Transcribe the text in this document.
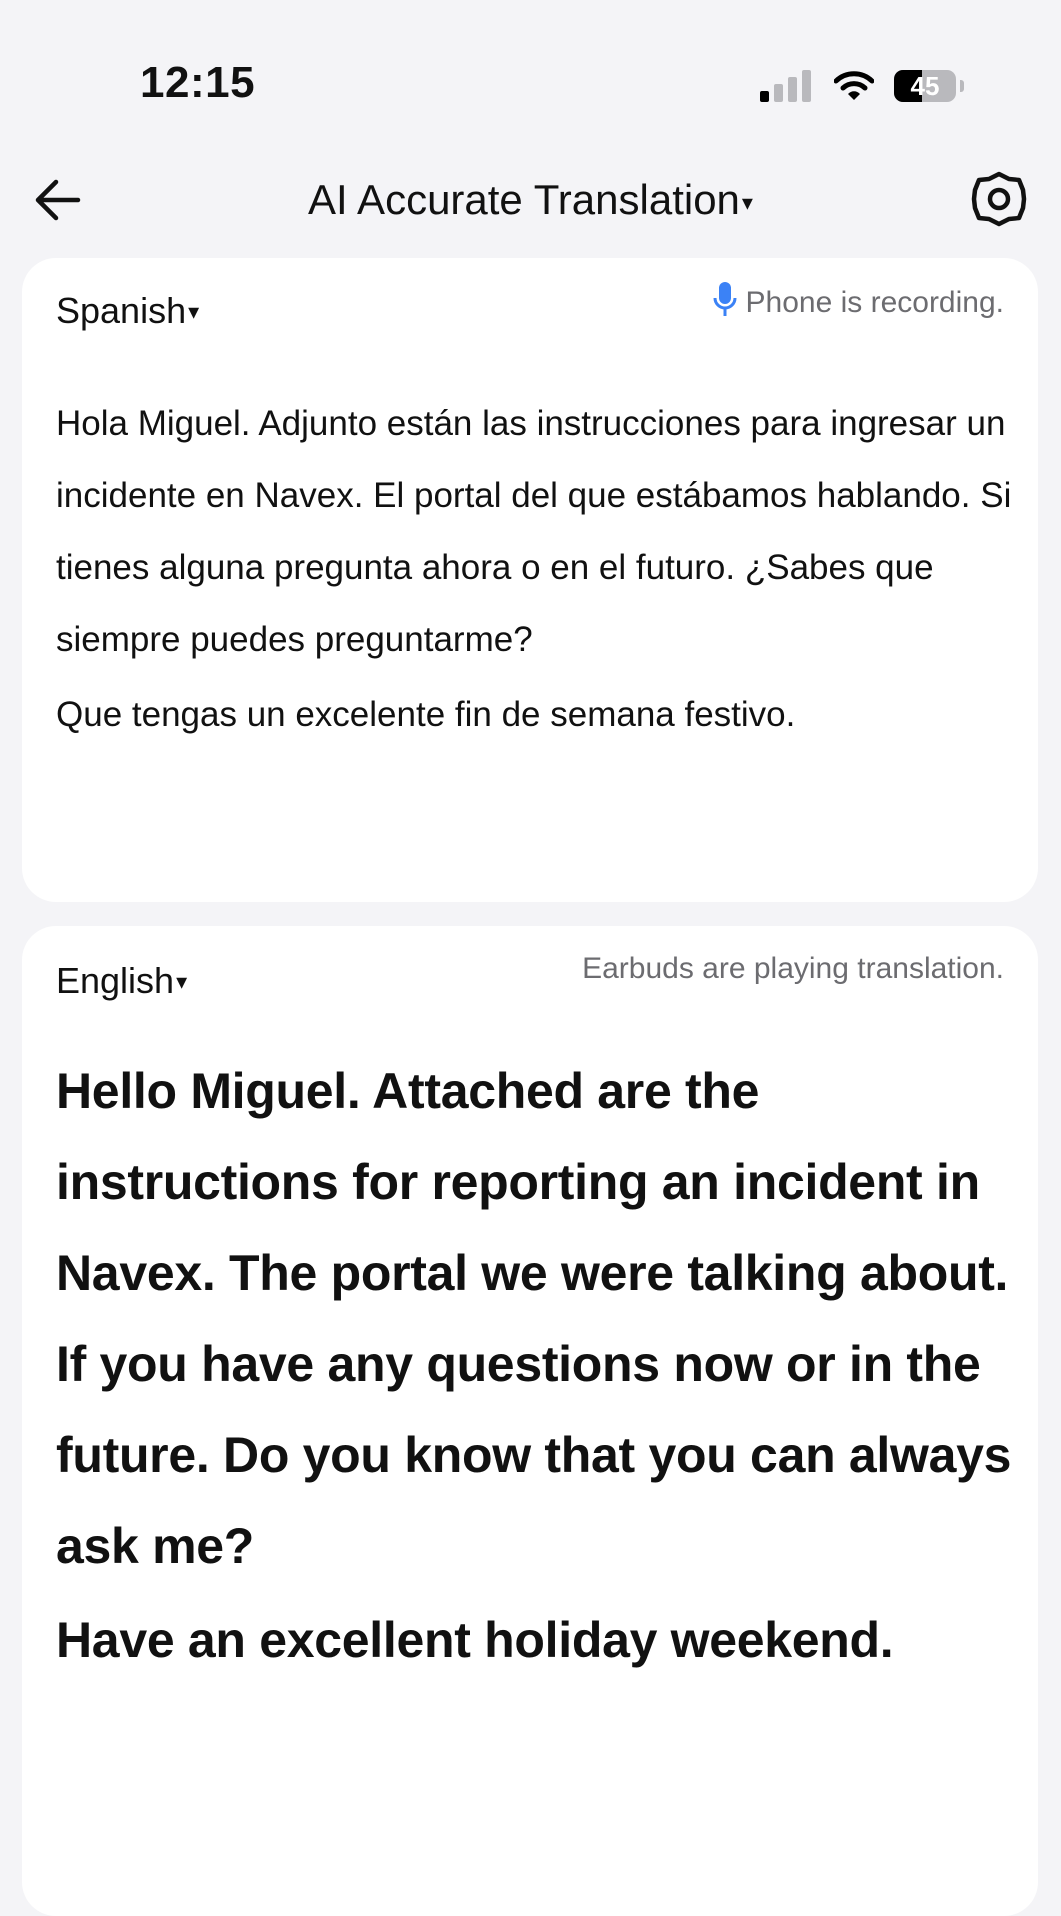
12:15	45
AI Accurate Translation▾
Spanish▾	Phone is recording.

Hola Miguel. Adjunto están las instrucciones para ingresar un incidente en Navex. El portal del que estábamos hablando. Si tienes alguna pregunta ahora o en el futuro. ¿Sabes que siempre puedes preguntarme?

Que tengas un excelente fin de semana festivo.

English▾	Earbuds are playing translation.

Hello Miguel. Attached are the instructions for reporting an incident in Navex. The portal we were talking about. If you have any questions now or in the future. Do you know that you can always ask me?

Have an excellent holiday weekend.
